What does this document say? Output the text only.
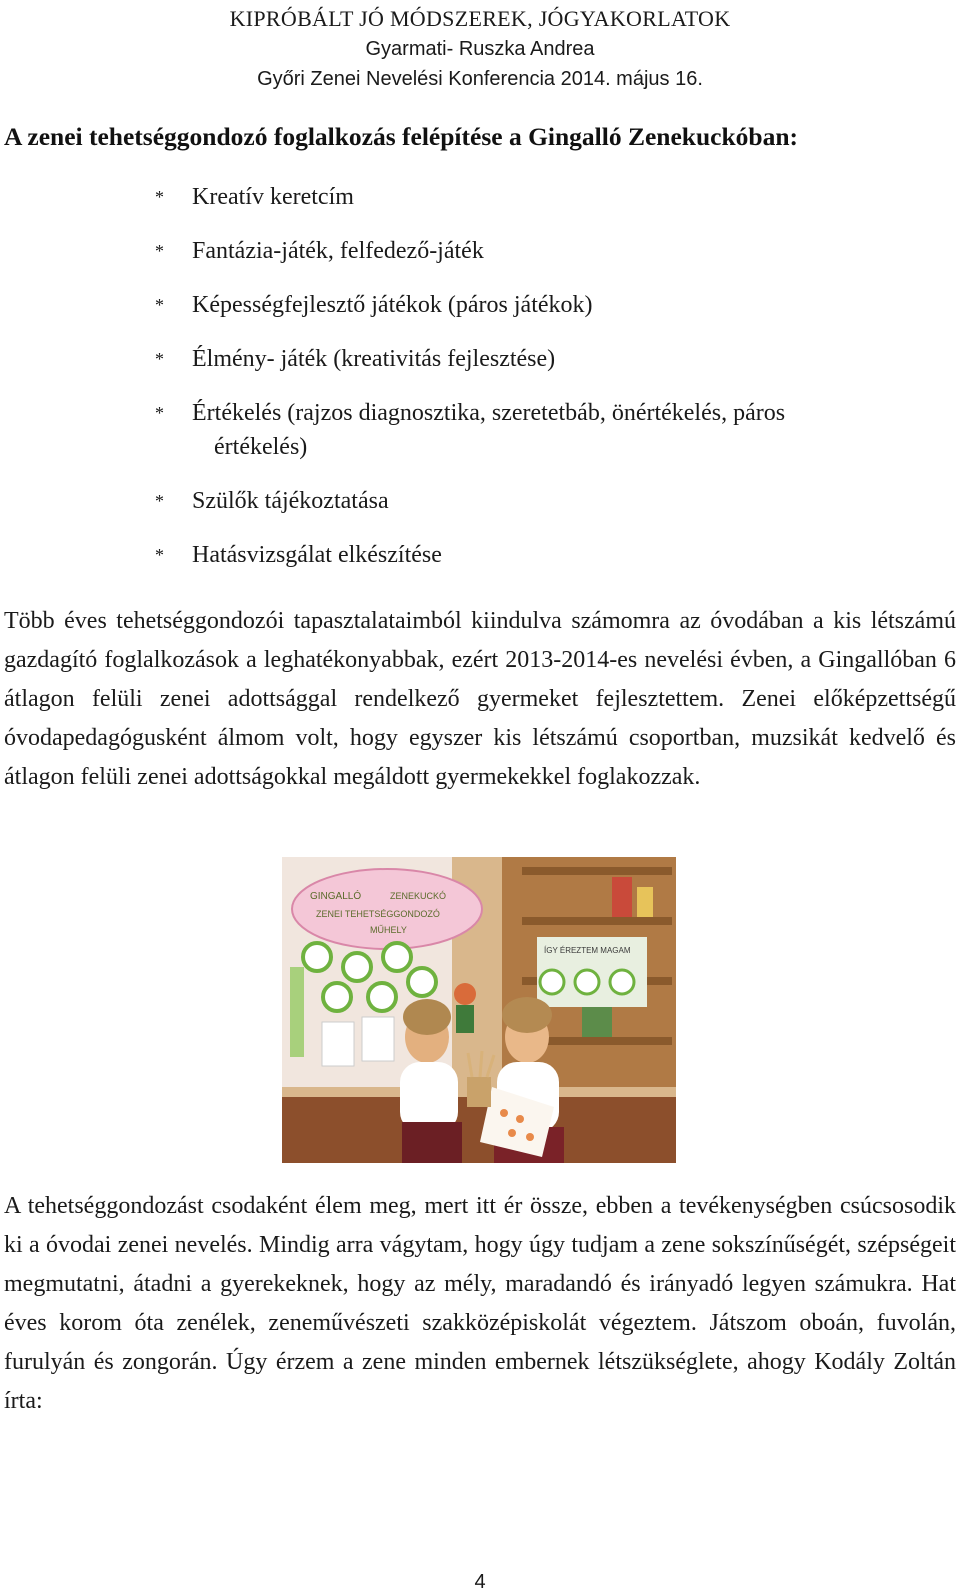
KIPRÓBÁLT JÓ MÓDSZEREK, JÓGYAKORLATOK
Gyarmati- Ruszka Andrea
Győri Zenei Nevelési Konferencia 2014. május 16.
A zenei tehetséggondozó foglalkozás felépítése a Gingalló Zenekuckóban:
* Kreatív keretcím
* Fantázia-játék, felfedező-játék
* Képességfejlesztő játékok (páros játékok)
* Élmény- játék (kreativitás fejlesztése)
* Értékelés (rajzos diagnosztika, szeretetbáb, önértékelés, páros
értékelés)
* Szülők tájékoztatása
* Hatásvizsgálat elkészítése

Több éves tehetséggondozói tapasztalataimból kiindulva számomra az óvodában a kis létszámú gazdagító foglalkozások a leghatékonyabbak, ezért 2013-2014-es nevelési évben, a Gingallóban 6 átlagon felüli zenei adottsággal rendelkező gyermeket fejlesztettem. Zenei előképzettségű óvodapedagógusként álmom volt, hogy egyszer kis létszámú csoportban, muzsikát kedvelő és átlagon felüli zenei adottságokkal megáldott gyermekekkel foglakozzak.

GINGALLÓ	ZENEKUCKÓ
ZENEI TEHETSÉGGONDOZÓ
MŰHELY
ÍGY ÉREZTEM MAGAM

A tehetséggondozást csodaként élem meg, mert itt ér össze, ebben a tevékenységben csúcsosodik ki a óvodai zenei nevelés. Mindig arra vágytam, hogy úgy tudjam a zene sokszínűségét, szépségeit megmutatni, átadni a gyerekeknek, hogy az mély, maradandó és irányadó legyen számukra. Hat éves korom óta zenélek, zeneművészeti szakközépiskolát végeztem. Játszom oboán, fuvolán, furulyán és zongorán. Úgy érzem a zene minden embernek létszükséglete, ahogy Kodály Zoltán írta:

4
